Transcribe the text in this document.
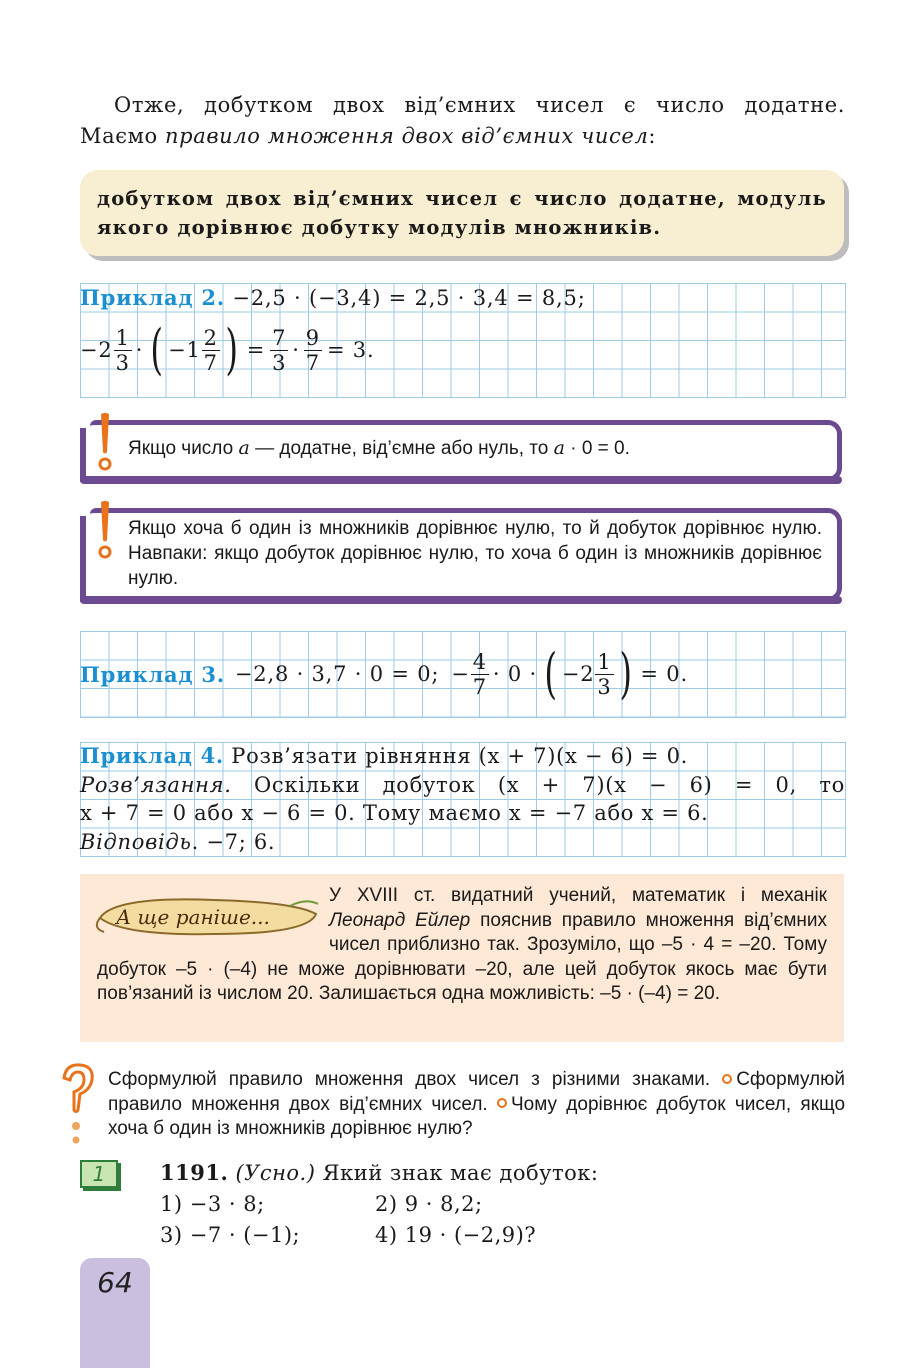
Отже, добутком двох від’ємних чисел є число додатне.

Маємо правило множення двох від’ємних чисел:

добутком двох від’ємних чисел є число додатне, модуль якого дорівнює добутку модулів множників.
Приклад 2. −2,5 · (−3,4) = 2,5 · 3,4 = 8,5;
$-2 \frac{1}{3}$ · ( $-1 \frac{2}{7}$ ) = $\frac{7}{3} \cdot \frac{9}{7} = 3$.
Якщо число a — додатне, від’ємне або нуль, то a · 0 = 0.
Якщо хоча б один із множників дорівнює нулю, то й добуток дорівнює нулю. Навпаки: якщо добуток дорівнює нулю, то хоча б один із множників дорівнює нулю.
Приклад 3. −2,8 · 3,7 · 0 = 0; − $\frac{4}{7} \cdot 0$ · ( $-2 \frac{1}{3}$ ) = 0.
Приклад 4. Розв’язати рівняння (x + 7)(x − 6) = 0.
Розв’язання. Оскільки добуток (x + 7)(x − 6) = 0, то
x + 7 = 0 або x − 6 = 0. Тому маємо x = −7 або x = 6.
Відповідь. −7; 6.
А ще раніше...
У XVIII ст. видатний учений, математик і механік Леонард Ейлер пояснив правило множення від’ємних чисел приблизно так. Зрозуміло, що –5 · 4 = –20. Тому добуток –5 · (–4) не може дорівнювати –20, але цей добуток якось має бути пов’язаний із числом 20. Залишається одна можливість: –5 · (–4) = 20.
Сформулюй правило множення двох чисел з різними знаками. Сформулюй правило множення двох від’ємних чисел. Чому дорівнює добуток чисел, якщо хоча б один із множників дорівнює нулю?
1	1191. (Усно.) Який знак має добуток:
1) −3 · 8;	2) 9 · 8,2;
3) −7 · (−1);	4) 19 · (−2,9)?
64
